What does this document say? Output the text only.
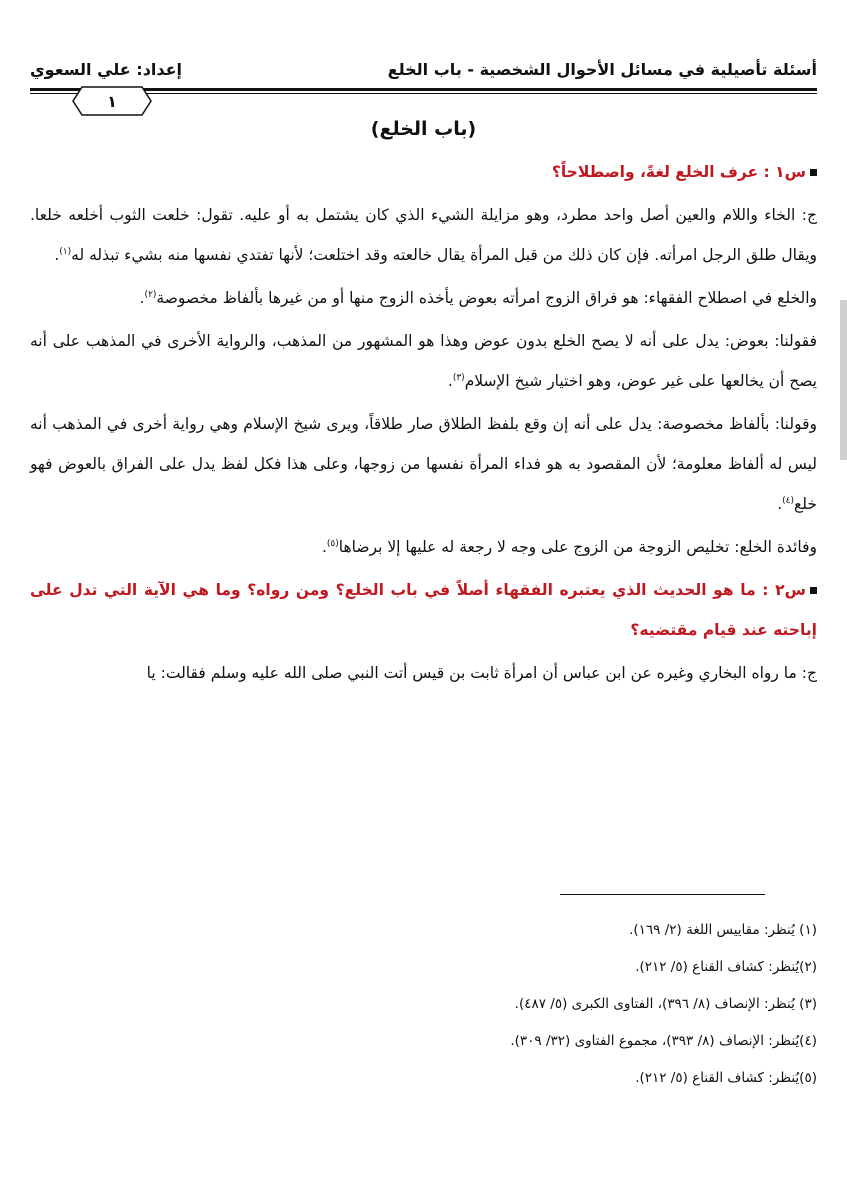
أسئلة تأصيلية في مسائل الأحوال الشخصية - باب الخلع
إعداد: علي السعوي
١
(باب الخلع)

س١ : عرف الخلع لغةً، واصطلاحاً؟

ج: الخاء واللام والعين أصل واحد مطرد، وهو مزايلة الشيء الذي كان يشتمل به أو عليه. تقول: خلعت الثوب أخلعه خلعا. ويقال طلق الرجل امرأته. فإن كان ذلك من قبل المرأة يقال خالعته وقد اختلعت؛ لأنها تفتدي نفسها منه بشيء تبذله له$^{(١)}$.

والخلع في اصطلاح الفقهاء: هو فراق الزوج امرأته بعوض يأخذه الزوج منها أو من غيرها بألفاظ مخصوصة$^{(٢)}$.

فقولنا: بعوض: يدل على أنه لا يصح الخلع بدون عوض وهذا هو المشهور من المذهب، والرواية الأخرى في المذهب على أنه يصح أن يخالعها على غير عوض، وهو اختيار شيخ الإسلام$^{(٣)}$.

وقولنا: بألفاظ مخصوصة: يدل على أنه إن وقع بلفظ الطلاق صار طلاقاً، ويرى شيخ الإسلام وهي رواية أخرى في المذهب أنه ليس له ألفاظ معلومة؛ لأن المقصود به هو فداء المرأة نفسها من زوجها، وعلى هذا فكل لفظ يدل على الفراق بالعوض فهو خلع$^{(٤)}$.

وفائدة الخلع: تخليص الزوجة من الزوج على وجه لا رجعة له عليها إلا برضاها$^{(٥)}$.

س٢ : ما هو الحديث الذي يعتبره الفقهاء أصلاً في باب الخلع؟ ومن رواه؟ وما هي الآية التي تدل على إباحته عند قيام مقتضيه؟

ج: ما رواه البخاري وغيره عن ابن عباس أن امرأة ثابت بن قيس أتت النبي صلى الله عليه وسلم فقالت: يا

(١) يُنظر: مقاييس اللغة (٢/ ١٦٩).
(٢)يُنظر: كشاف القناع (٥/ ٢١٢).
(٣) يُنظر: الإنصاف (٨/ ٣٩٦)، الفتاوى الكبرى (٥/ ٤٨٧).
(٤)يُنظر: الإنصاف (٨/ ٣٩٣)، مجموع الفتاوى (٣٢/ ٣٠٩).
(٥)يُنظر: كشاف القناع (٥/ ٢١٢).
